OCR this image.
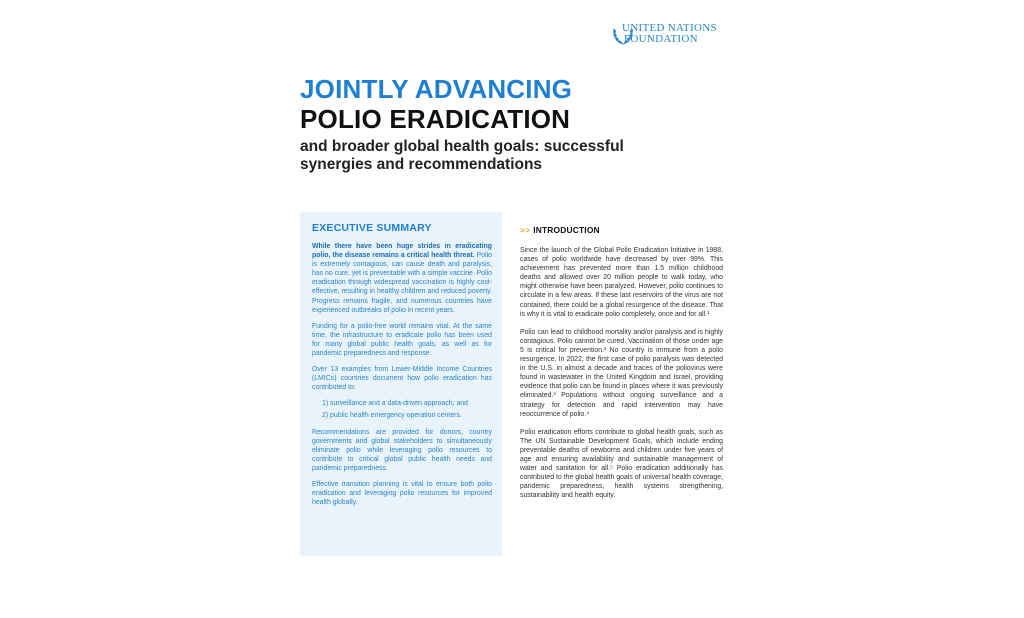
UNITED NATIONS
FOUNDATION
JOINTLY ADVANCING
POLIO ERADICATION
and broader global health goals: successful synergies and recommendations
EXECUTIVE SUMMARY

While there have been huge strides in eradicating polio, the disease remains a critical health threat. Polio is extremely contagious, can cause death and paralysis, has no cure, yet is preventable with a simple vaccine. Polio eradication through widespread vaccination is highly cost-effective, resulting in healthy children and reduced poverty. Progress remains fragile, and numerous countries have experienced outbreaks of polio in recent years.

Funding for a polio-free world remains vital. At the same time, the infrastructure to eradicate polio has been used for many global public health goals, as well as for pandemic preparedness and response.

Over 13 examples from Lower-Middle Income Countries (LMICs) countries document how polio eradication has contributed to:

1) surveillance and a data-driven approach; and
2) public health emergency operation centers.

Recommendations are provided for donors, country governments and global stakeholders to simultaneously eliminate polio while leveraging polio resources to contribute to critical global public health needs and pandemic preparedness.

Effective transition planning is vital to ensure both polio eradication and leveraging polio resources for improved health globally.

>> INTRODUCTION

Since the launch of the Global Polio Eradication Initiative in 1988, cases of polio worldwide have decreased by over 99%. This achievement has prevented more than 1.5 million childhood deaths and allowed over 20 million people to walk today, who might otherwise have been paralyzed. However, polio continues to circulate in a few areas. If these last reservoirs of the virus are not contained, there could be a global resurgence of the disease. That is why it is vital to eradicate polio completely, once and for all.¹

Polio can lead to childhood mortality and/or paralysis and is highly contagious. Polio cannot be cured. Vaccination of those under age 5 is critical for prevention.² No country is immune from a polio resurgence. In 2022, the first case of polio paralysis was detected in the U.S. in almost a decade and traces of the poliovirus were found in wastewater in the United Kingdom and Israel, providing evidence that polio can be found in places where it was previously eliminated.³ Populations without ongoing surveillance and a strategy for detection and rapid intervention may have reoccurrence of polio.⁴

Polio eradication efforts contribute to global health goals, such as The UN Sustainable Development Goals, which include ending preventable deaths of newborns and children under five years of age and ensuring availability and sustainable management of water and sanitation for all.⁵ Polio eradication additionally has contributed to the global health goals of universal health coverage, pandemic preparedness, health systems strengthening, sustainability and health equity.
